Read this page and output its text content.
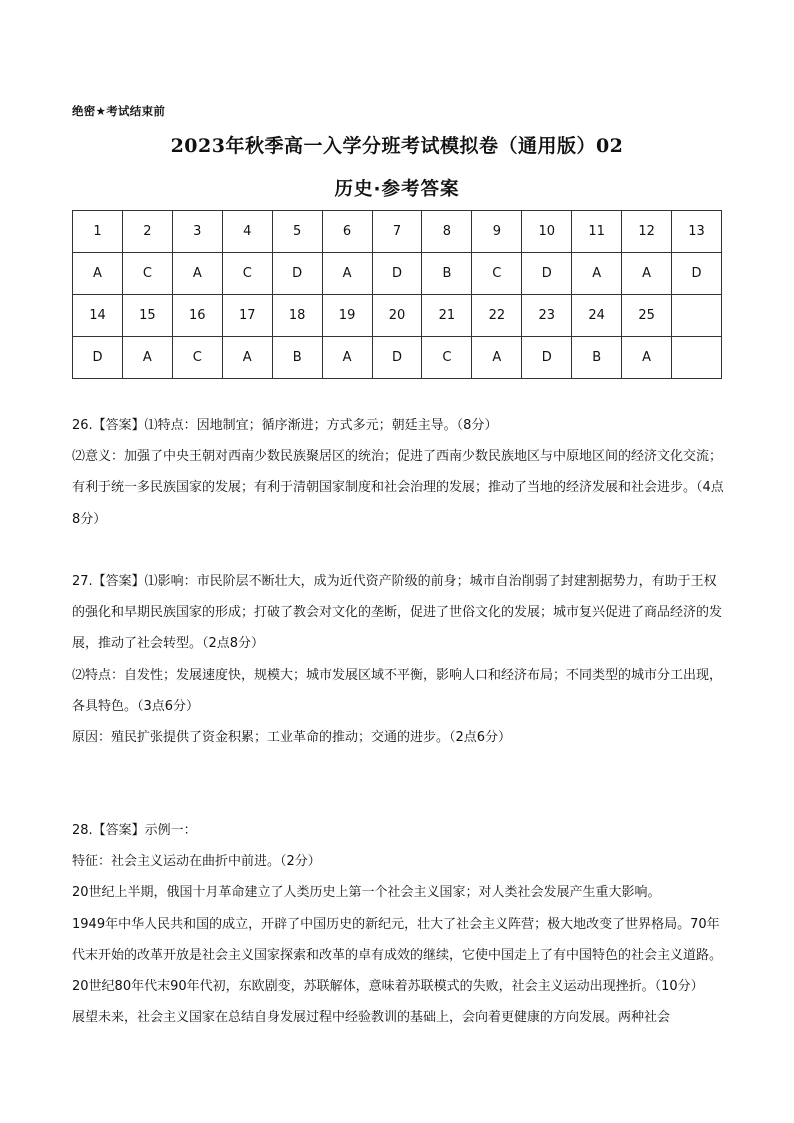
绝密★考试结束前
2023年秋季高一入学分班考试模拟卷（通用版）02
历史·参考答案
1	2	3	4	5	6	7	8	9	10	11	12	13
A	C	A	C	D	A	D	B	C	D	A	A	D
14	15	16	17	18	19	20	21	22	23	24	25	
D	A	C	A	B	A	D	C	A	D	B	A	

26.【答案】⑴特点：因地制宜；循序渐进；方式多元；朝廷主导。（8分）

⑵意义：加强了中央王朝对西南少数民族聚居区的统治；促进了西南少数民族地区与中原地区间的经济文化交流；有利于统一多民族国家的发展；有利于清朝国家制度和社会治理的发展；推动了当地的经济发展和社会进步。（4点8分）

27.【答案】⑴影响：市民阶层不断壮大，成为近代资产阶级的前身；城市自治削弱了封建割据势力，有助于王权的强化和早期民族国家的形成；打破了教会对文化的垄断，促进了世俗文化的发展；城市复兴促进了商品经济的发展，推动了社会转型。（2点8分）

⑵特点：自发性；发展速度快，规模大；城市发展区域不平衡，影响人口和经济布局；不同类型的城市分工出现，各具特色。（3点6分）

原因：殖民扩张提供了资金积累；工业革命的推动；交通的进步。（2点6分）

28.【答案】示例一：

特征：社会主义运动在曲折中前进。（2分）

20世纪上半期，俄国十月革命建立了人类历史上第一个社会主义国家；对人类社会发展产生重大影响。

1949年中华人民共和国的成立，开辟了中国历史的新纪元，壮大了社会主义阵营；极大地改变了世界格局。70年代末开始的改革开放是社会主义国家探索和改革的卓有成效的继续，它使中国走上了有中国特色的社会主义道路。20世纪80年代末90年代初，东欧剧变，苏联解体，意味着苏联模式的失败，社会主义运动出现挫折。（10分）

展望未来，社会主义国家在总结自身发展过程中经验教训的基础上，会向着更健康的方向发展。两种社会
